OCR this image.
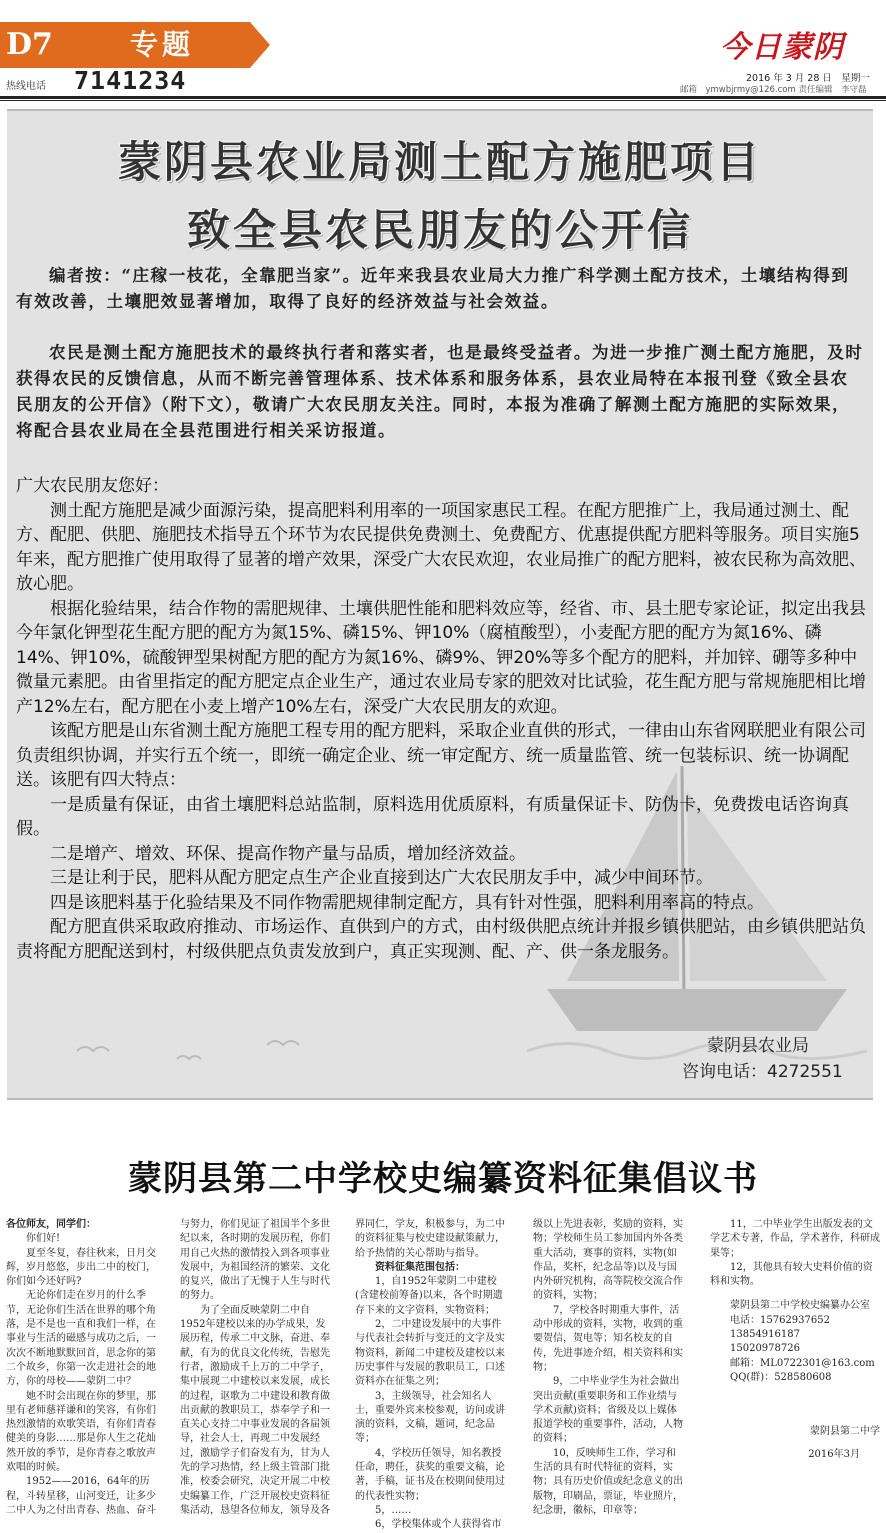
D7	专题
热线电话 7141234
今日蒙阴
2016 年 3 月 28 日　星期一
邮箱　ymwbjrmy@126.com 责任编辑　李守磊
蒙阴县农业局测土配方施肥项目
致全县农民朋友的公开信
编者按：“庄稼一枝花，全靠肥当家”。近年来我县农业局大力推广科学测土配方技术，土壤结构得到有效改善，土壤肥效显著增加，取得了良好的经济效益与社会效益。
农民是测土配方施肥技术的最终执行者和落实者，也是最终受益者。为进一步推广测土配方施肥，及时获得农民的反馈信息，从而不断完善管理体系、技术体系和服务体系，县农业局特在本报刊登《致全县农民朋友的公开信》（附下文），敬请广大农民朋友关注。同时，本报为准确了解测土配方施肥的实际效果，将配合县农业局在全县范围进行相关采访报道。

广大农民朋友您好：

测土配方施肥是减少面源污染，提高肥料利用率的一项国家惠民工程。在配方肥推广上，我局通过测土、配方、配肥、供肥、施肥技术指导五个环节为农民提供免费测土、免费配方、优惠提供配方肥料等服务。项目实施5年来，配方肥推广使用取得了显著的增产效果，深受广大农民欢迎，农业局推广的配方肥料，被农民称为高效肥、放心肥。

根据化验结果，结合作物的需肥规律、土壤供肥性能和肥料效应等，经省、市、县土肥专家论证，拟定出我县今年氯化钾型花生配方肥的配方为氮15%、磷15%、钾10%（腐植酸型），小麦配方肥的配方为氮16%、磷14%、钾10%，硫酸钾型果树配方肥的配方为氮16%、磷9%、钾20%等多个配方的肥料，并加锌、硼等多种中微量元素肥。由省里指定的配方肥定点企业生产，通过农业局专家的肥效对比试验，花生配方肥与常规施肥相比增产12%左右，配方肥在小麦上增产10%左右，深受广大农民朋友的欢迎。

该配方肥是山东省测土配方施肥工程专用的配方肥料，采取企业直供的形式，一律由山东省网联肥业有限公司负责组织协调，并实行五个统一，即统一确定企业、统一审定配方、统一质量监管、统一包装标识、统一协调配送。该肥有四大特点：

一是质量有保证，由省土壤肥料总站监制，原料选用优质原料，有质量保证卡、防伪卡，免费拨电话咨询真假。

二是增产、增效、环保、提高作物产量与品质，增加经济效益。

三是让利于民，肥料从配方肥定点生产企业直接到达广大农民朋友手中，减少中间环节。

四是该肥料基于化验结果及不同作物需肥规律制定配方，具有针对性强，肥料利用率高的特点。

配方肥直供采取政府推动、市场运作、直供到户的方式，由村级供肥点统计并报乡镇供肥站，由乡镇供肥站负责将配方肥配送到村，村级供肥点负责发放到户，真正实现测、配、产、供一条龙服务。

蒙阴县农业局
咨询电话：4272551
蒙阴县第二中学校史编纂资料征集倡议书

各位师友，同学们：

你们好!

夏至冬复，春往秋来，日月交辉，岁月悠悠，步出二中的校门，你们如今还好吗?

无论你们走在岁月的什么季节，无论你们生活在世界的哪个角落，是不是也一直和我们一样，在事业与生活的磁感与成功之后，一次次不断地默默回首，思念你的第二个故乡，你第一次走进社会的地方，你的母校——蒙阴二中？

她不时会出现在你的梦里，那里有老师慈祥谦和的笑容，有你们热烈激情的欢歌笑语，有你们青春健美的身影……那是你人生之花灿然开放的季节，是你青春之歌放声欢唱的时候。

1952——2016，64年的历程，斗转星移，山河变迁，让多少二中人为之付出青春、热血、奋斗

与努力，你们见证了祖国半个多世纪以来，各时期的发展历程，你们用自己火热的激情投入到各项事业发展中，为祖国经济的繁荣、文化的复兴，做出了无愧于人生与时代的努力。

为了全面反映蒙阴二中自1952年建校以来的办学成果，发展历程，传承二中文脉，奋进、奉献，有为的优良文化传统，告慰先行者，激励成千上万的二中学子，集中展现二中建校以来发展，成长的过程，讴歌为二中建设和教育做出贡献的教职员工，恭奉学子和一直关心支持二中事业发展的各届领导，社会人士，再现二中发展经过，激励学子们奋发有为，甘为人先的学习热情，经上级主管部门批准，校委会研究，决定开展二中校史编纂工作，广泛开展校史资料征集活动，恳望各位师友，领导及各

界同仁，学友，积极参与，为二中的资料征集与校史建设献策献力，给予热情的关心帮助与指导。

资料征集范围包括：

1，自1952年蒙阴二中建校(含建校前筹备)以来，各个时期遗存下来的文字资料，实物资料；

2，二中建设发展中的大事件与代表社会转折与变迁的文字及实物资料，新闻二中建校及建校以来历史事件与发展的教职员工，口述资料亦在征集之列；

3，主级领导，社会知名人士，重要外宾来校参观，访问或讲演的资料，文稿，题词，纪念品等；

4，学校历任领导，知名教授任命，聘任，获奖的重要文稿，论著，手稿，证书及在校期间使用过的代表性实物；

5，……

6，学校集体或个人获得省市

级以上先进表彰，奖励的资料，实物；学校师生员工参加国内外各类重大活动，赛事的资料，实物(如作品，奖杯，纪念品等)以及与国内外研究机构，高等院校交流合作的资料，实物；

7，学校各时期重大事件，活动中形成的资料，实物，收到的重要贺信，贺电等；知名校友的自传，先进事迹介绍，相关资料和实物；

9，二中毕业学生为社会做出突出贡献(重要职务和工作业绩与学术贡献)资料；省级及以上媒体报道学校的重要事件，活动，人物的资料；

10，反映师生工作，学习和生活的具有时代特征的资料，实物；具有历史价值或纪念意义的出版物，印刷品，票证，毕业照片，纪念册，徽标，印章等；

11，二中毕业学生出版发表的文学艺术专著，作品，学术著作，科研成果等；

12，其他具有较大史料价值的资料和实物。

蒙阴县第二中学校史编纂办公室

电话：15762937652

13854916187

15020978726

邮箱：ML0722301@163.com

QQ(群)：528580608

蒙阴县第二中学

2016年3月
